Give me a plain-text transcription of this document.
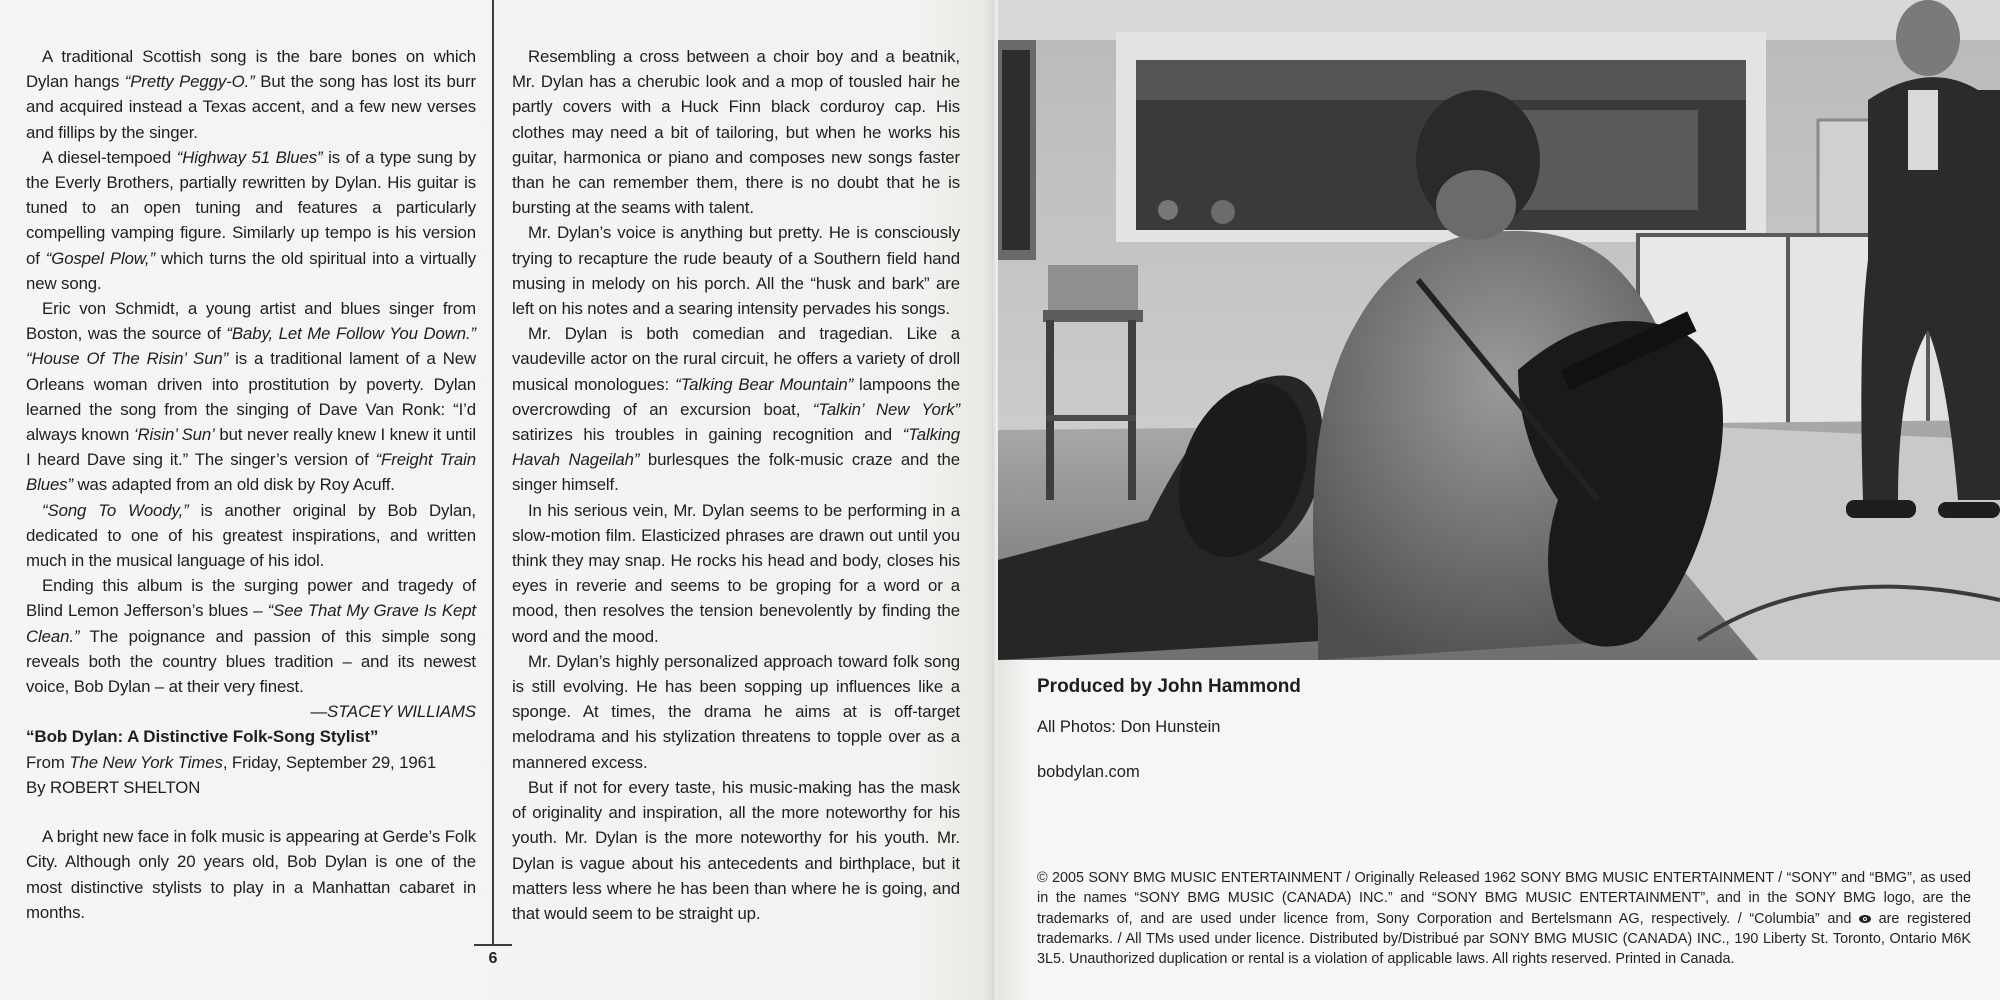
6

A traditional Scottish song is the bare bones on which Dylan hangs “Pretty Peggy-O.” But the song has lost its burr and acquired instead a Texas accent, and a few new verses and fillips by the singer.

A diesel-tempoed “Highway 51 Blues” is of a type sung by the Everly Brothers, partially rewritten by Dylan. His guitar is tuned to an open tuning and features a particularly compelling vamping figure. Similarly up tempo is his version of “Gospel Plow,” which turns the old spiritual into a virtually new song.

Eric von Schmidt, a young artist and blues singer from Boston, was the source of “Baby, Let Me Follow You Down.” “House Of The Risin’ Sun” is a traditional lament of a New Orleans woman driven into prostitution by poverty. Dylan learned the song from the singing of Dave Van Ronk: “I’d always known ‘Risin’ Sun’ but never really knew I knew it until I heard Dave sing it.” The singer’s version of “Freight Train Blues” was adapted from an old disk by Roy Acuff.

“Song To Woody,” is another original by Bob Dylan, dedicated to one of his greatest inspirations, and written much in the musical language of his idol.

Ending this album is the surging power and tragedy of Blind Lemon Jefferson’s blues – “See That My Grave Is Kept Clean.” The poignance and passion of this simple song reveals both the country blues tradition – and its newest voice, Bob Dylan – at their very finest.

—STACEY WILLIAMS

“Bob Dylan: A Distinctive Folk-Song Stylist”

From The New York Times, Friday, September 29, 1961

By ROBERT SHELTON

A bright new face in folk music is appearing at Gerde’s Folk City. Although only 20 years old, Bob Dylan is one of the most distinctive stylists to play in a Manhattan cabaret in months.

Resembling a cross between a choir boy and a beatnik, Mr. Dylan has a cherubic look and a mop of tousled hair he partly covers with a Huck Finn black corduroy cap. His clothes may need a bit of tailoring, but when he works his guitar, harmonica or piano and composes new songs faster than he can remember them, there is no doubt that he is bursting at the seams with talent.

Mr. Dylan’s voice is anything but pretty. He is consciously trying to recapture the rude beauty of a Southern field hand musing in melody on his porch. All the “husk and bark” are left on his notes and a searing intensity pervades his songs.

Mr. Dylan is both comedian and tragedian. Like a vaudeville actor on the rural circuit, he offers a variety of droll musical monologues: “Talking Bear Mountain” lampoons the overcrowding of an excursion boat, “Talkin’ New York” satirizes his troubles in gaining recognition and “Talking Havah Nageilah” burlesques the folk-music craze and the singer himself.

In his serious vein, Mr. Dylan seems to be performing in a slow-motion film. Elasticized phrases are drawn out until you think they may snap. He rocks his head and body, closes his eyes in reverie and seems to be groping for a word or a mood, then resolves the tension benevolently by finding the word and the mood.

Mr. Dylan’s highly personalized approach toward folk song is still evolving. He has been sopping up influences like a sponge. At times, the drama he aims at is off-target melodrama and his stylization threatens to topple over as a mannered excess.

But if not for every taste, his music-making has the mask of originality and inspiration, all the more noteworthy for his youth. Mr. Dylan is the more noteworthy for his youth. Mr. Dylan is vague about his antecedents and birthplace, but it matters less where he has been than where he is going, and that would seem to be straight up.

Produced by John Hammond

All Photos: Don Hunstein

bobdylan.com

© 2005 SONY BMG MUSIC ENTERTAINMENT / Originally Released 1962 SONY BMG MUSIC ENTERTAINMENT / “SONY” and “BMG”, as used in the names “SONY BMG MUSIC (CANADA) INC.” and “SONY BMG MUSIC ENTERTAINMENT”, and in the SONY BMG logo, are the trademarks of, and are used under licence from, Sony Corporation and Bertelsmann AG, respectively. / “Columbia” and  are registered trademarks. / All TMs used under licence. Distributed by/Distribué par SONY BMG MUSIC (CANADA) INC., 190 Liberty St. Toronto, Ontario M6K 3L5. Unauthorized duplication or rental is a violation of applicable laws. All rights reserved. Printed in Canada.
